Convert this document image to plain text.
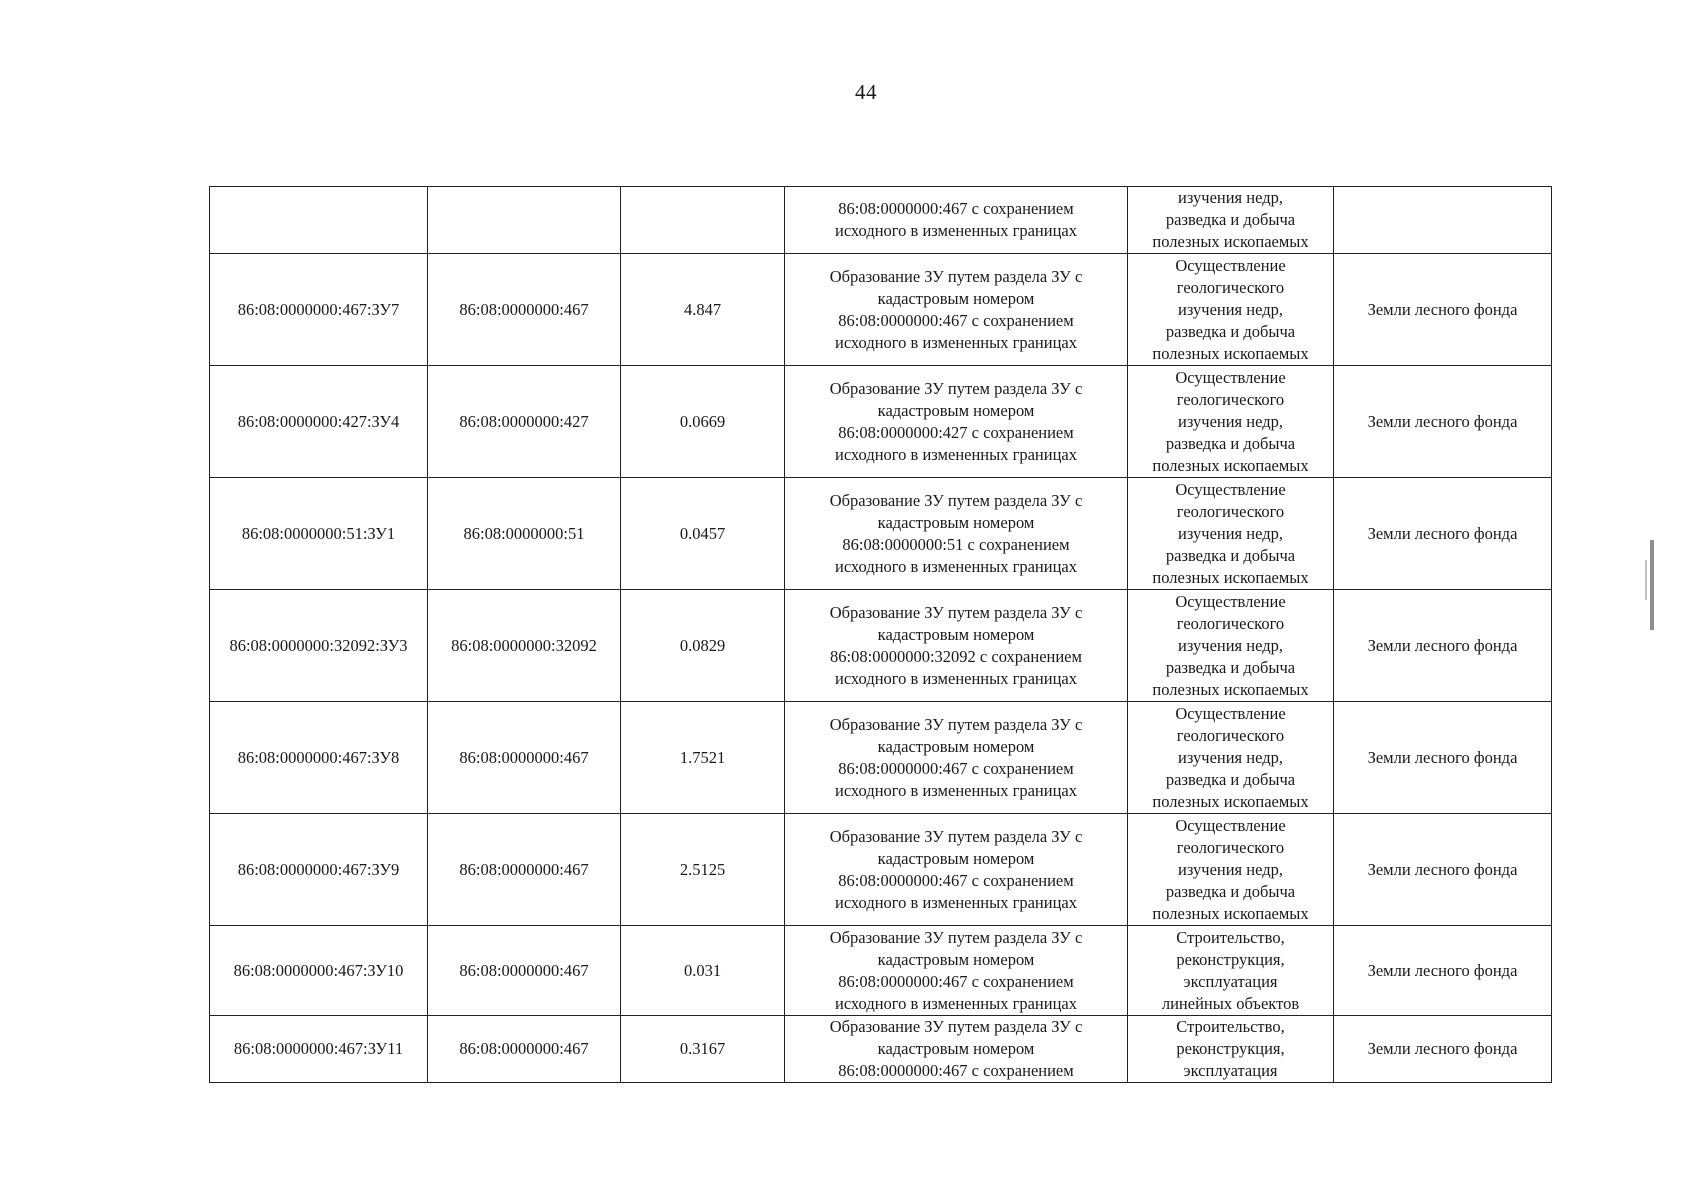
44

			86:08:0000000:467 с сохранением
исходного в измененных границах	изучения недр,
разведка и добыча
полезных ископаемых	

86:08:0000000:467:ЗУ7	86:08:0000000:467	4.847	Образование ЗУ путем раздела ЗУ с
кадастровым номером
86:08:0000000:467 с сохранением
исходного в измененных границах	Осуществление
геологического
изучения недр,
разведка и добыча
полезных ископаемых	Земли лесного фонда
86:08:0000000:427:ЗУ4	86:08:0000000:427	0.0669	Образование ЗУ путем раздела ЗУ с
кадастровым номером
86:08:0000000:427 с сохранением
исходного в измененных границах	Осуществление
геологического
изучения недр,
разведка и добыча
полезных ископаемых	Земли лесного фонда
86:08:0000000:51:ЗУ1	86:08:0000000:51	0.0457	Образование ЗУ путем раздела ЗУ с
кадастровым номером
86:08:0000000:51 с сохранением
исходного в измененных границах	Осуществление
геологического
изучения недр,
разведка и добыча
полезных ископаемых	Земли лесного фонда
86:08:0000000:32092:ЗУ3	86:08:0000000:32092	0.0829	Образование ЗУ путем раздела ЗУ с
кадастровым номером
86:08:0000000:32092 с сохранением
исходного в измененных границах	Осуществление
геологического
изучения недр,
разведка и добыча
полезных ископаемых	Земли лесного фонда
86:08:0000000:467:ЗУ8	86:08:0000000:467	1.7521	Образование ЗУ путем раздела ЗУ с
кадастровым номером
86:08:0000000:467 с сохранением
исходного в измененных границах	Осуществление
геологического
изучения недр,
разведка и добыча
полезных ископаемых	Земли лесного фонда
86:08:0000000:467:ЗУ9	86:08:0000000:467	2.5125	Образование ЗУ путем раздела ЗУ с
кадастровым номером
86:08:0000000:467 с сохранением
исходного в измененных границах	Осуществление
геологического
изучения недр,
разведка и добыча
полезных ископаемых	Земли лесного фонда
86:08:0000000:467:ЗУ10	86:08:0000000:467	0.031	Образование ЗУ путем раздела ЗУ с
кадастровым номером
86:08:0000000:467 с сохранением
исходного в измененных границах	Строительство,
реконструкция,
эксплуатация
линейных объектов	Земли лесного фонда
86:08:0000000:467:ЗУ11	86:08:0000000:467	0.3167	Образование ЗУ путем раздела ЗУ с
кадастровым номером
86:08:0000000:467 с сохранением	Строительство,
реконструкция,
эксплуатация	Земли лесного фонда
